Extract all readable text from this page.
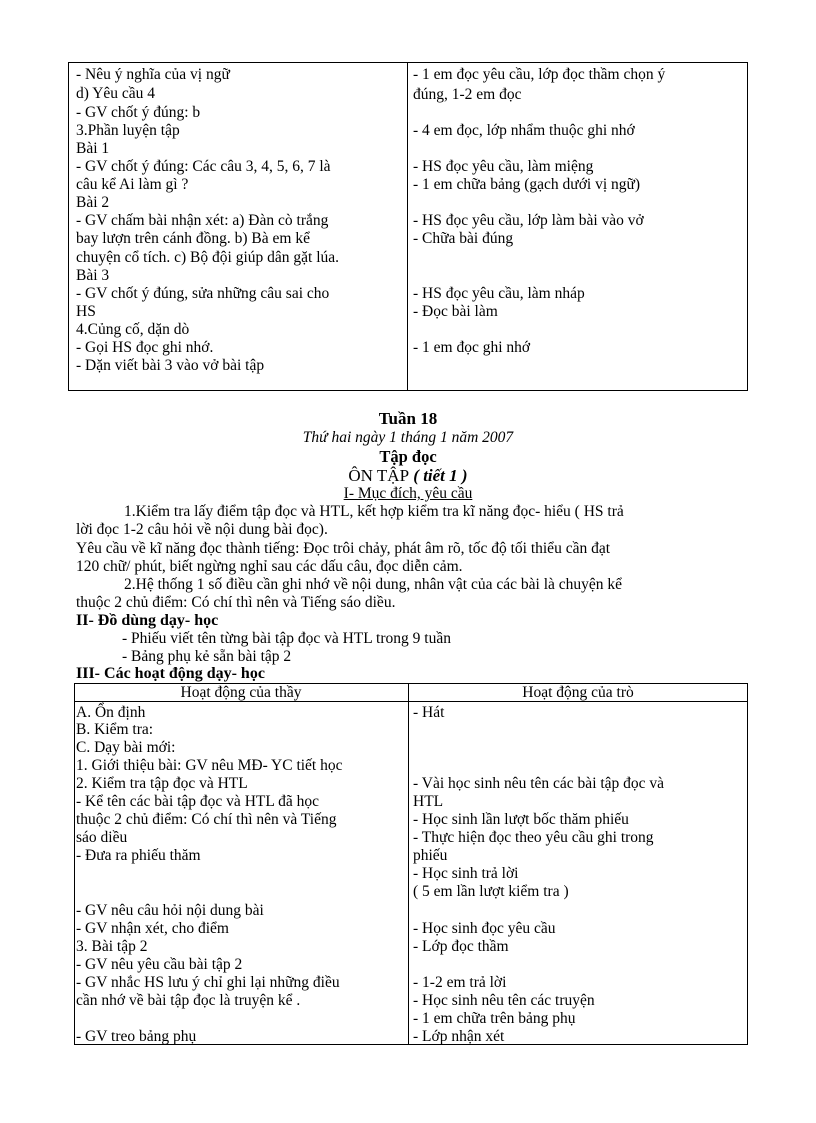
- Nêu ý nghĩa của vị ngữ
d) Yêu cầu 4
- GV chốt ý đúng: b
3.Phần luyện tập
Bài 1
- GV chốt ý đúng: Các câu 3, 4, 5, 6, 7 là
câu kể Ai làm gì ?
Bài 2
- GV chấm bài nhận xét: a) Đàn cò trắng
bay lượn trên cánh đồng. b) Bà em kể
chuyện cổ tích. c) Bộ đội giúp dân gặt lúa.
Bài 3
- GV chốt ý đúng, sửa những câu sai cho
HS
4.Củng cố, dặn dò
- Gọi HS đọc ghi nhớ.
- Dặn viết bài 3 vào vở bài tập
- 1 em đọc yêu cầu, lớp đọc thầm chọn ý
đúng, 1-2 em đọc
- 4 em đọc, lớp nhẩm thuộc ghi nhớ
- HS đọc yêu cầu, làm miệng
- 1 em chữa bảng (gạch dưới vị ngữ)
- HS đọc yêu cầu, lớp làm bài vào vở
- Chữa bài đúng
- HS đọc yêu cầu, làm nháp
- Đọc bài làm
- 1 em đọc ghi nhớ
Tuần 18
Thứ hai ngày 1 tháng 1 năm 2007
Tập đọc
ÔN TẬP ( tiết 1 )
I- Mục đích, yêu cầu
1.Kiểm tra lấy điểm tập đọc và HTL, kết hợp kiểm tra kĩ năng đọc- hiểu ( HS trả
lời đọc 1-2 câu hỏi về nội dung bài đọc).
Yêu cầu về kĩ năng đọc thành tiếng: Đọc trôi chảy, phát âm rõ, tốc độ tối thiểu cần đạt
120 chữ/ phút, biết ngừng nghỉ sau các dấu câu, đọc diễn cảm.
2.Hệ thống 1 số điều cần ghi nhớ về nội dung, nhân vật của các bài là chuyện kể
thuộc 2 chủ điểm: Có chí thì nên và Tiếng sáo diều.
II- Đồ dùng dạy- học
- Phiếu viết tên từng bài tập đọc và HTL trong 9 tuần
- Bảng phụ kẻ sẵn bài tập 2
III- Các hoạt động dạy- học
Hoạt động của thầy	Hoạt động của trò
A. Ổn định
B. Kiểm tra:
C. Dạy bài mới:
1. Giới thiệu bài: GV nêu MĐ- YC tiết học
2. Kiểm tra tập đọc và HTL
- Kể tên các bài tập đọc và HTL đã học
thuộc 2 chủ điểm: Có chí thì nên và Tiếng
sáo diều
- Đưa ra phiếu thăm
- GV nêu câu hỏi nội dung bài
- GV nhận xét, cho điểm
3. Bài tập 2
- GV nêu yêu cầu bài tập 2
- GV nhắc HS lưu ý chỉ ghi lại những điều
cần nhớ về bài tập đọc là truyện kể .
- GV treo bảng phụ
- Hát
- Vài học sinh nêu tên các bài tập đọc và
HTL
- Học sinh lần lượt bốc thăm phiếu
- Thực hiện đọc theo yêu cầu ghi trong
phiếu
- Học sinh trả lời
( 5 em lần lượt kiểm tra )
- Học sinh đọc yêu cầu
- Lớp đọc thầm
- 1-2 em trả lời
- Học sinh nêu tên các truyện
- 1 em chữa trên bảng phụ
- Lớp nhận xét
